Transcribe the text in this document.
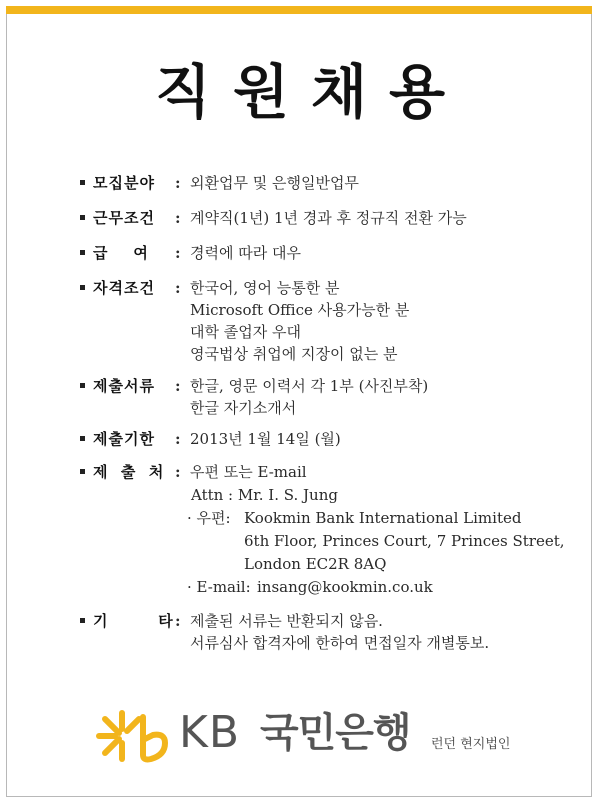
직원채용
모집분야	: 외환업무 및 은행일반업무
근무조건	: 계약직(1년) 1년 경과 후 정규직 전환 가능
급    여	: 경력에 따라 대우
자격조건	: 한국어, 영어 능통한 분
Microsoft Office 사용가능한 분
대학 졸업자 우대
영국법상 취업에 지장이 없는 분
제출서류	: 한글, 영문 이력서 각 1부 (사진부착)
한글 자기소개서
제출기한	: 2013년 1월 14일 (월)
제  출  처 : 우편 또는 E-mail
Attn : Mr. I. S. Jung
· 우편: Kookmin Bank International Limited
6th Floor, Princes Court, 7 Princes Street,
London EC2R 8AQ
· E-mail: insang@kookmin.co.uk
기        타 : 제출된 서류는 반환되지 않음.
서류심사 합격자에 한하여 면접일자 개별통보.
KB 국민은행 런던 현지법인
